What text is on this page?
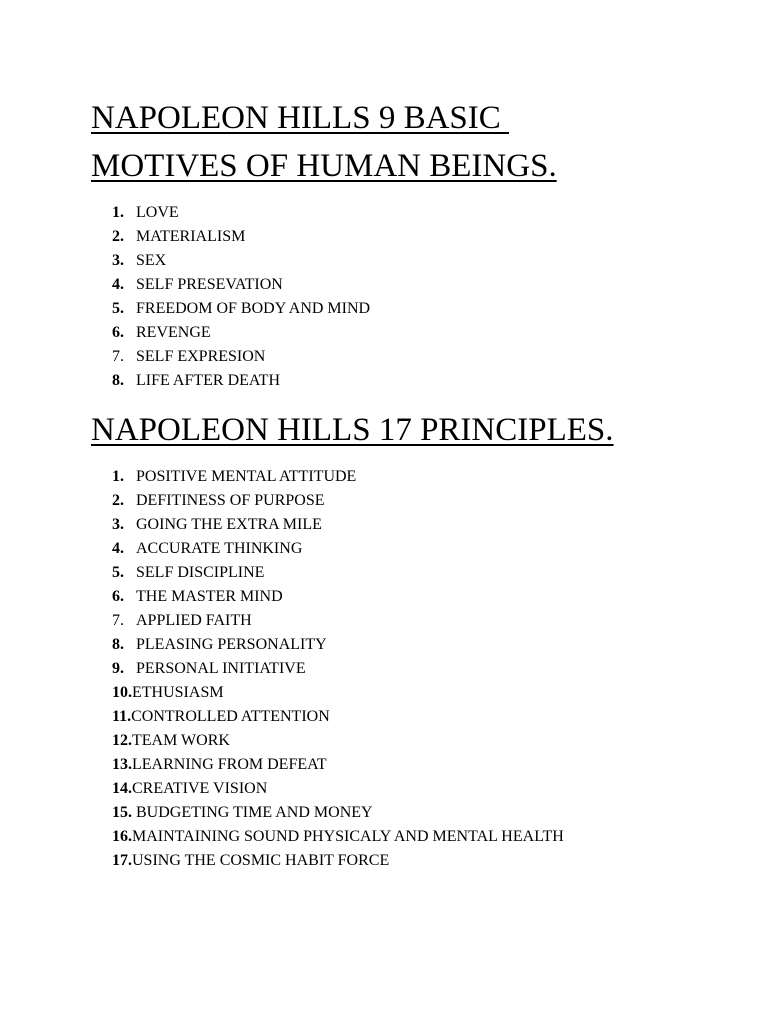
NAPOLEON HILLS 9 BASIC
MOTIVES OF HUMAN BEINGS.
1. LOVE
2. MATERIALISM
3. SEX
4. SELF PRESEVATION
5. FREEDOM OF BODY AND MIND
6. REVENGE
7. SELF EXPRESION
8. LIFE AFTER DEATH
NAPOLEON HILLS 17 PRINCIPLES.
1. POSITIVE MENTAL ATTITUDE
2. DEFITINESS OF PURPOSE
3. GOING THE EXTRA MILE
4. ACCURATE THINKING
5. SELF DISCIPLINE
6. THE MASTER MIND
7. APPLIED FAITH
8. PLEASING PERSONALITY
9. PERSONAL INITIATIVE
10.ETHUSIASM
11.CONTROLLED ATTENTION
12.TEAM WORK
13.LEARNING FROM DEFEAT
14.CREATIVE VISION
15. BUDGETING TIME AND MONEY
16.MAINTAINING SOUND PHYSICALY AND MENTAL HEALTH
17.USING THE COSMIC HABIT FORCE
